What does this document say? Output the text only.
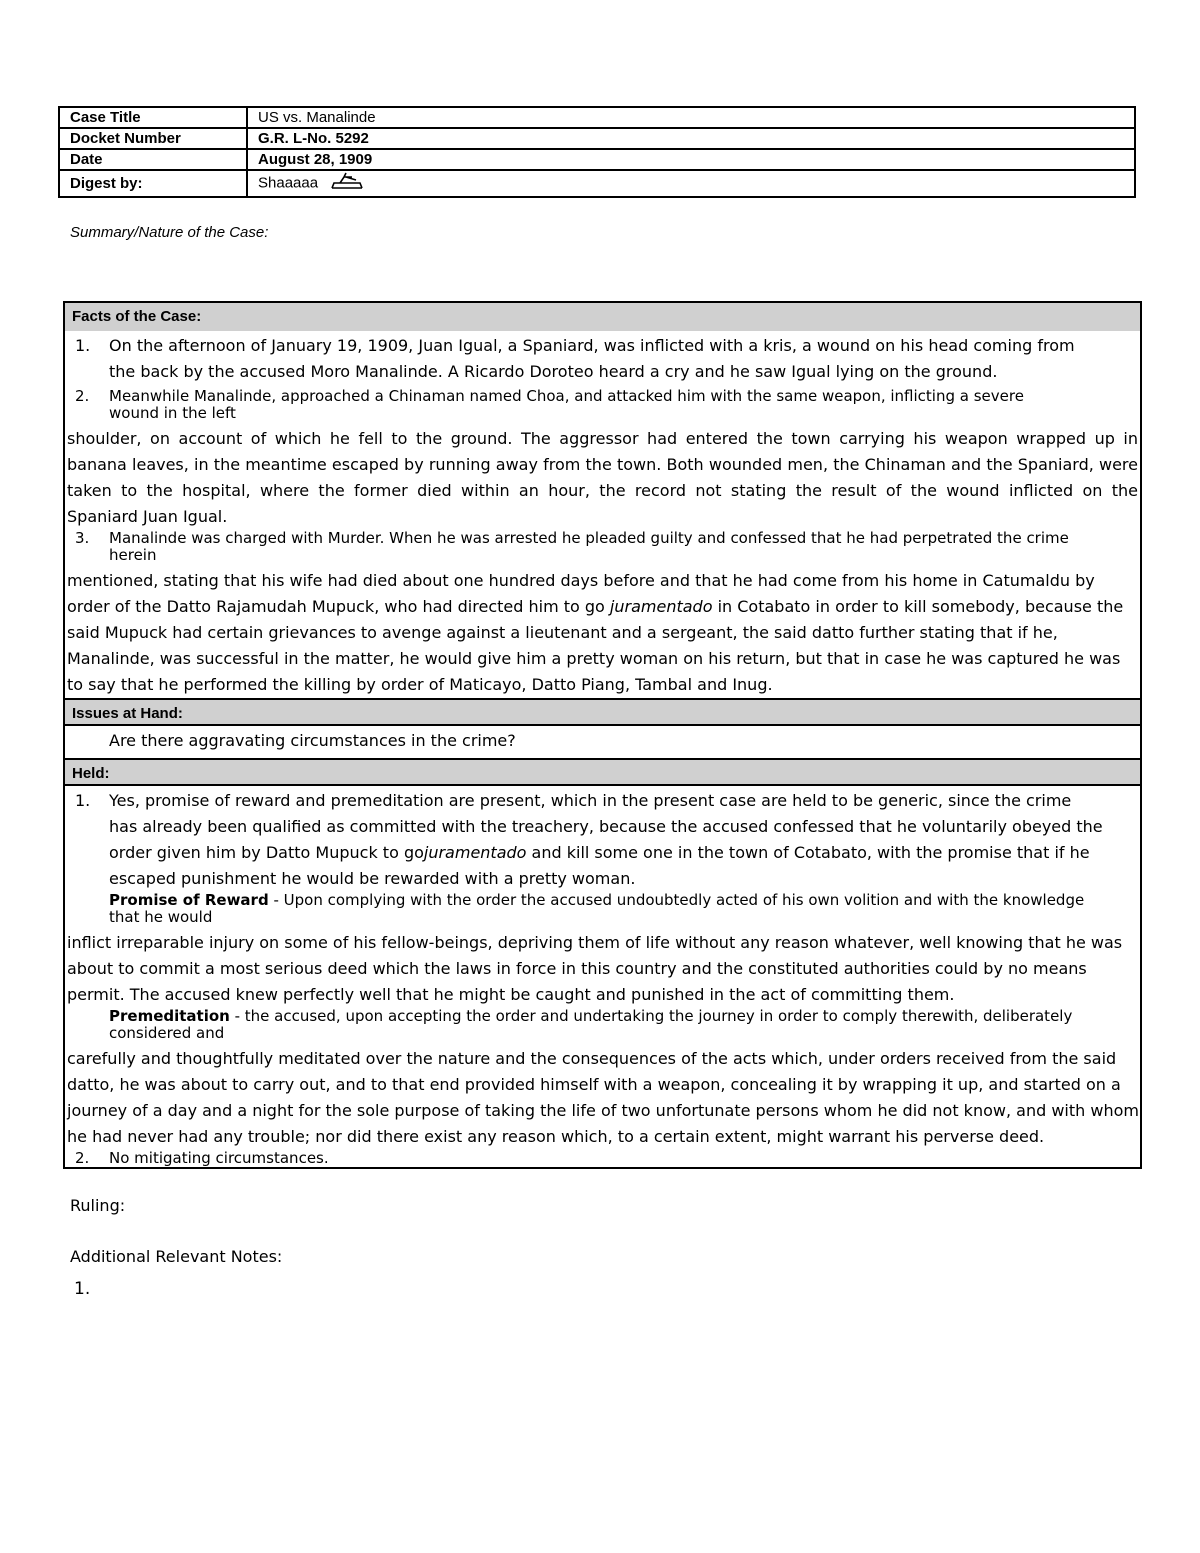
Case Title	US vs. Manalinde
Docket Number	G.R. L-No. 5292
Date	August 28, 1909
Digest by:	Shaaaaa
Summary/Nature of the Case:
Facts of the Case:
1. On the afternoon of January 19, 1909, Juan Igual, a Spaniard, was inflicted with a kris, a wound on his head coming from
the back by the accused Moro Manalinde. A Ricardo Doroteo heard a cry and he saw Igual lying on the ground.
2. Meanwhile Manalinde, approached a Chinaman named Choa, and attacked him with the same weapon, inflicting a severe
wound in the left
shoulder, on account of which he fell to the ground. The aggressor had entered the town carrying his weapon wrapped up in
banana leaves, in the meantime escaped by running away from the town. Both wounded men, the Chinaman and the Spaniard, were
taken to the hospital, where the former died within an hour, the record not stating the result of the wound inflicted on the
Spaniard Juan Igual.
3. Manalinde was charged with Murder. When he was arrested he pleaded guilty and confessed that he had perpetrated the crime
herein
mentioned, stating that his wife had died about one hundred days before and that he had come from his home in Catumaldu by
order of the Datto Rajamudah Mupuck, who had directed him to go juramentado in Cotabato in order to kill somebody, because the
said Mupuck had certain grievances to avenge against a lieutenant and a sergeant, the said datto further stating that if he,
Manalinde, was successful in the matter, he would give him a pretty woman on his return, but that in case he was captured he was
to say that he performed the killing by order of Maticayo, Datto Piang, Tambal and Inug.
Issues at Hand:
Are there aggravating circumstances in the crime?
Held:
1. Yes, promise of reward and premeditation are present, which in the present case are held to be generic, since the crime
has already been qualified as committed with the treachery, because the accused confessed that he voluntarily obeyed the
order given him by Datto Mupuck to gojuramentado and kill some one in the town of Cotabato, with the promise that if he
escaped punishment he would be rewarded with a pretty woman.
Promise of Reward - Upon complying with the order the accused undoubtedly acted of his own volition and with the knowledge
that he would
inflict irreparable injury on some of his fellow-beings, depriving them of life without any reason whatever, well knowing that he was
about to commit a most serious deed which the laws in force in this country and the constituted authorities could by no means
permit. The accused knew perfectly well that he might be caught and punished in the act of committing them.
Premeditation - the accused, upon accepting the order and undertaking the journey in order to comply therewith, deliberately
considered and
carefully and thoughtfully meditated over the nature and the consequences of the acts which, under orders received from the said
datto, he was about to carry out, and to that end provided himself with a weapon, concealing it by wrapping it up, and started on a
journey of a day and a night for the sole purpose of taking the life of two unfortunate persons whom he did not know, and with whom
he had never had any trouble; nor did there exist any reason which, to a certain extent, might warrant his perverse deed.
2. No mitigating circumstances.
Ruling:
Additional Relevant Notes:
1.
